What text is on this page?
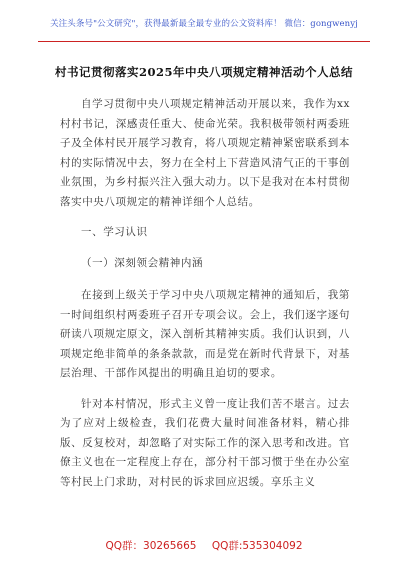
关注头条号"公文研究"，获得最新最全最专业的公文资料库！ 微信：gongwenyj
村书记贯彻落实2025年中央八项规定精神活动个人总结

自学习贯彻中央八项规定精神活动开展以来，我作为xx村村书记，深感责任重大、使命光荣。我积极带领村两委班子及全体村民开展学习教育，将八项规定精神紧密联系到本村的实际情况中去，努力在全村上下营造风清气正的干事创业氛围，为乡村振兴注入强大动力。以下是我对在本村贯彻落实中央八项规定的精神详细个人总结。

一、学习认识

（一）深刻领会精神内涵

在接到上级关于学习中央八项规定精神的通知后，我第一时间组织村两委班子召开专项会议。会上，我们逐字逐句研读八项规定原文，深入剖析其精神实质。我们认识到，八项规定绝非简单的条条款款，而是党在新时代背景下，对基层治理、干部作风提出的明确且迫切的要求。

针对本村情况，形式主义曾一度让我们苦不堪言。过去为了应对上级检查，我们花费大量时间准备材料，精心排版、反复校对，却忽略了对实际工作的深入思考和改进。官僚主义也在一定程度上存在，部分村干部习惯于坐在办公室等村民上门求助，对村民的诉求回应迟缓。享乐主义

QQ群：30265665 QQ群:535304092
